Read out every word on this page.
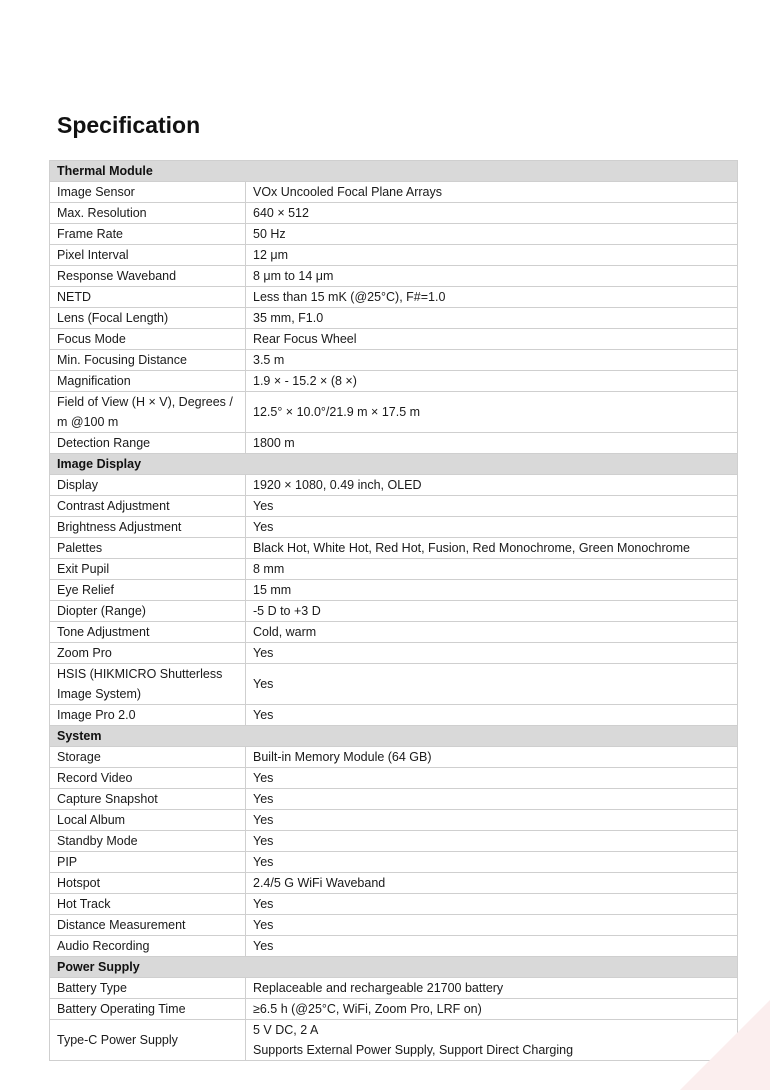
Specification
Thermal Module	
Image Sensor	VOx Uncooled Focal Plane Arrays
Max. Resolution	640 × 512
Frame Rate	50 Hz
Pixel Interval	12 μm
Response Waveband	8 μm to 14 μm
NETD	Less than 15 mK (@25°C), F#=1.0
Lens (Focal Length)	35 mm, F1.0
Focus Mode	Rear Focus Wheel
Min. Focusing Distance	3.5 m
Magnification	1.9 × - 15.2 × (8 ×)
Field of View (H × V), Degrees / m @100 m	12.5° × 10.0°/21.9 m × 17.5 m
Detection Range	1800 m
Image Display	
Display	1920 × 1080, 0.49 inch, OLED
Contrast Adjustment	Yes
Brightness Adjustment	Yes
Palettes	Black Hot, White Hot, Red Hot, Fusion, Red Monochrome, Green Monochrome
Exit Pupil	8 mm
Eye Relief	15 mm
Diopter (Range)	-5 D to +3 D
Tone Adjustment	Cold, warm
Zoom Pro	Yes
HSIS (HIKMICRO Shutterless Image System)	Yes
Image Pro 2.0	Yes
System	
Storage	Built-in Memory Module (64 GB)
Record Video	Yes
Capture Snapshot	Yes
Local Album	Yes
Standby Mode	Yes
PIP	Yes
Hotspot	2.4/5 G WiFi Waveband
Hot Track	Yes
Distance Measurement	Yes
Audio Recording	Yes
Power Supply	
Battery Type	Replaceable and rechargeable 21700 battery
Battery Operating Time	≥6.5 h (@25°C, WiFi, Zoom Pro, LRF on)
Type-C Power Supply	5 V DC, 2 A
Supports External Power Supply, Support Direct Charging
